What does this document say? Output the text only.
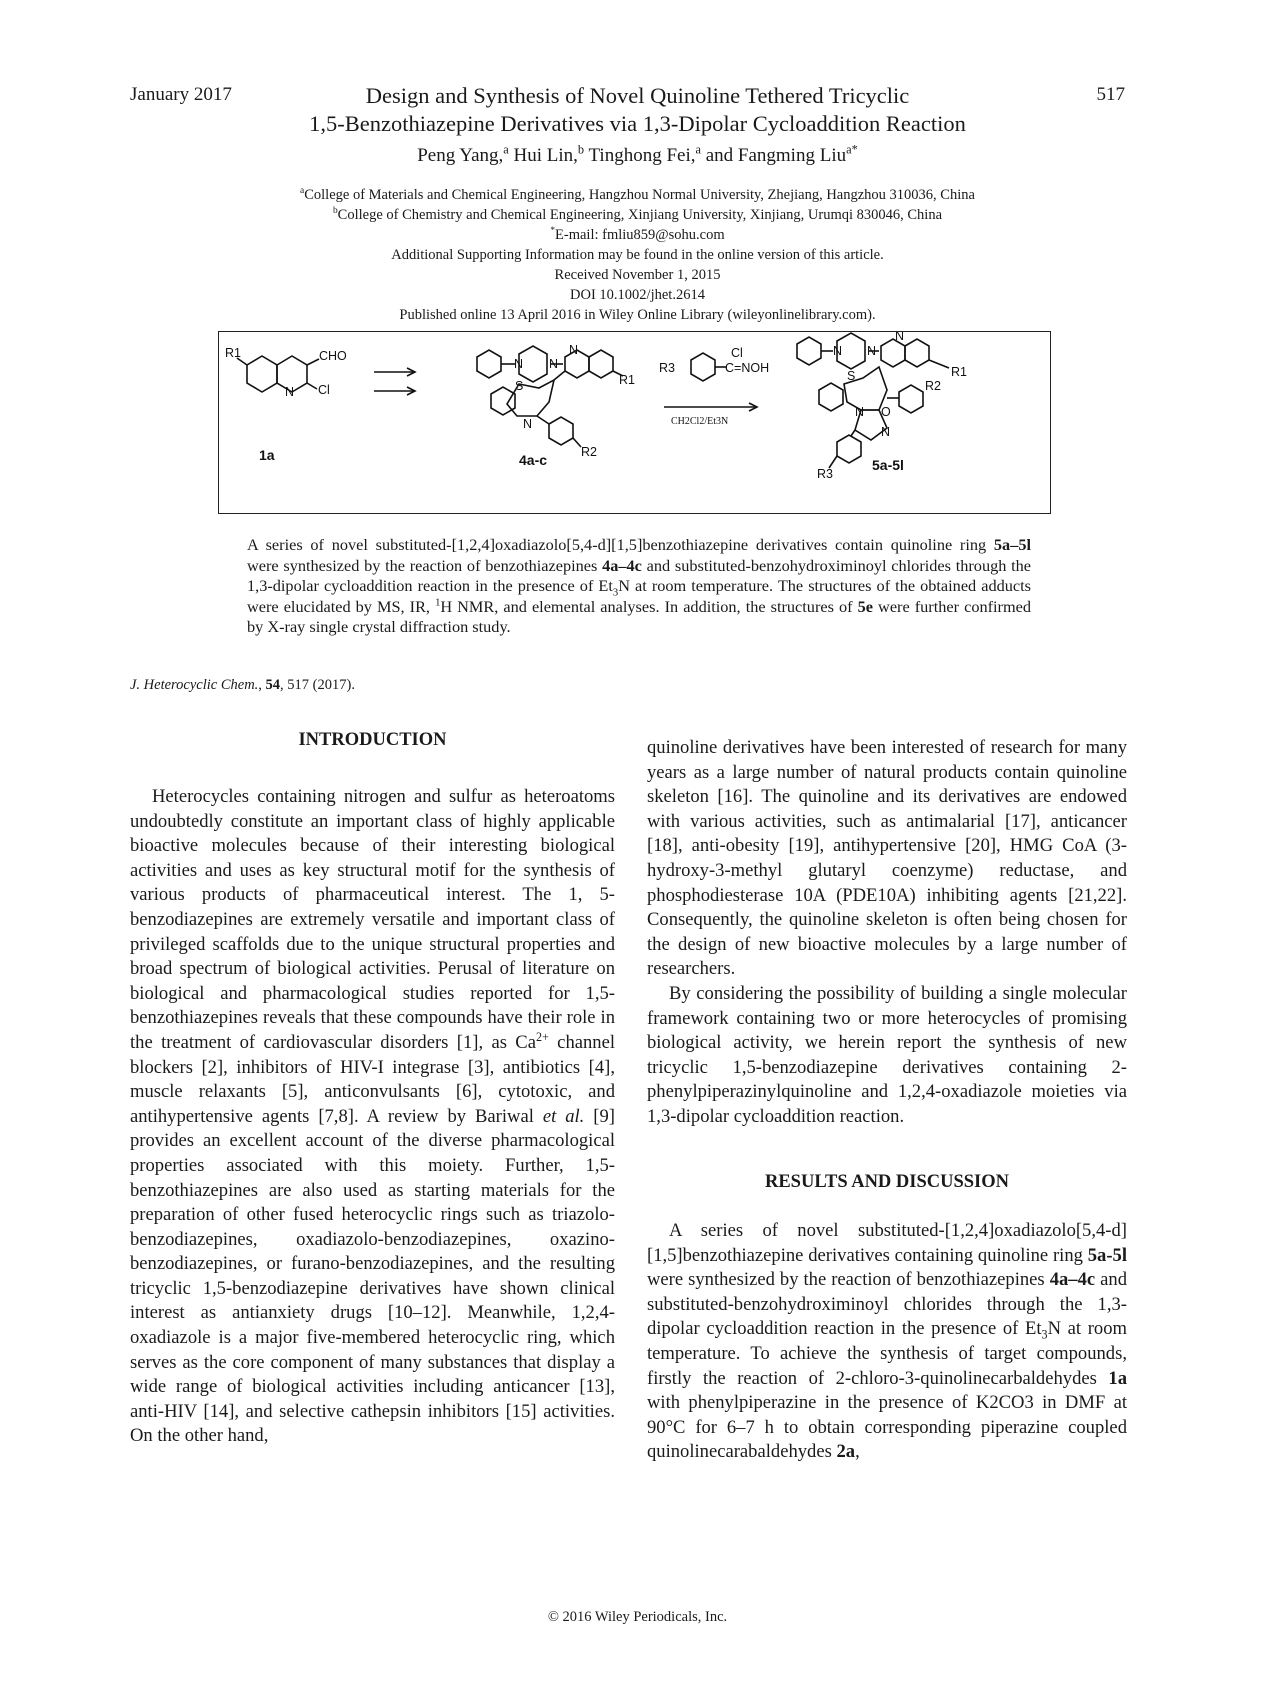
January 2017	517
Design and Synthesis of Novel Quinoline Tethered Tricyclic
1,5-Benzothiazepine Derivatives via 1,3-Dipolar Cycloaddition Reaction
Peng Yang,$^a$ Hui Lin,$^b$ Tinghong Fei,$^a$ and Fangming Liu$^{a*}$
$^a$College of Materials and Chemical Engineering, Hangzhou Normal University, Zhejiang, Hangzhou 310036, China
$^b$College of Chemistry and Chemical Engineering, Xinjiang University, Xinjiang, Urumqi 830046, China
*E-mail: fmliu859@sohu.com
Additional Supporting Information may be found in the online version of this article.
Received November 1, 2015
DOI 10.1002/jhet.2614
Published online 13 April 2016 in Wiley Online Library (wileyonlinelibrary.com).
R1	CHO
N Cl
N N
N
R1
S
N
R2
R3
Cl
C=NOH
N N
N
R1
S
R2
N O
N
R3
1a	4a-c	5a-5l
CH2Cl2/Et3N
A series of novel substituted-[1,2,4]oxadiazolo[5,4-d][1,5]benzothiazepine derivatives contain quinoline ring 5a–5l were synthesized by the reaction of benzothiazepines 4a–4c and substituted-benzohydroximinoyl chlorides through the 1,3-dipolar cycloaddition reaction in the presence of $Et_3N$ at room temperature. The structures of the obtained adducts were elucidated by MS, IR, $^1$H NMR, and elemental analyses. In addition, the structures of 5e were further confirmed by X-ray single crystal diffraction study.
J. Heterocyclic Chem., 54, 517 (2017).
INTRODUCTION

Heterocycles containing nitrogen and sulfur as heteroatoms undoubtedly constitute an important class of highly applicable bioactive molecules because of their interesting biological activities and uses as key structural motif for the synthesis of various products of pharmaceutical interest. The 1, 5-benzodiazepines are extremely versatile and important class of privileged scaffolds due to the unique structural properties and broad spectrum of biological activities. Perusal of literature on biological and pharmacological studies reported for 1,5-benzothiazepines reveals that these compounds have their role in the treatment of cardiovascular disorders [1], as $Ca^{2+}$ channel blockers [2], inhibitors of HIV-I integrase [3], antibiotics [4], muscle relaxants [5], anticonvulsants [6], cytotoxic, and antihypertensive agents [7,8]. A review by Bariwal et al. [9] provides an excellent account of the diverse pharmacological properties associated with this moiety. Further, 1,5-benzothiazepines are also used as starting materials for the preparation of other fused heterocyclic rings such as triazolo-benzodiazepines, oxadiazolo-benzodiazepines, oxazino-benzodiazepines, or furano-benzodiazepines, and the resulting tricyclic 1,5-benzodiazepine derivatives have shown clinical interest as antianxiety drugs [10–12]. Meanwhile, 1,2,4-oxadiazole is a major five-membered heterocyclic ring, which serves as the core component of many substances that display a wide range of biological activities including anticancer [13], anti-HIV [14], and selective cathepsin inhibitors [15] activities. On the other hand,

quinoline derivatives have been interested of research for many years as a large number of natural products contain quinoline skeleton [16]. The quinoline and its derivatives are endowed with various activities, such as antimalarial [17], anticancer [18], anti-obesity [19], antihypertensive [20], HMG CoA (3-hydroxy-3-methyl glutaryl coenzyme) reductase, and phosphodiesterase 10A (PDE10A) inhibiting agents [21,22]. Consequently, the quinoline skeleton is often being chosen for the design of new bioactive molecules by a large number of researchers.

By considering the possibility of building a single molecular framework containing two or more heterocycles of promising biological activity, we herein report the synthesis of new tricyclic 1,5-benzodiazepine derivatives containing 2-phenylpiperazinylquinoline and 1,2,4-oxadiazole moieties via 1,3-dipolar cycloaddition reaction.

RESULTS AND DISCUSSION

A series of novel substituted-[1,2,4]oxadiazolo[5,4-d][1,5]benzothiazepine derivatives containing quinoline ring 5a-5l were synthesized by the reaction of benzothiazepines 4a–4c and substituted-benzohydroximinoyl chlorides through the 1,3-dipolar cycloaddition reaction in the presence of $Et_3N$ at room temperature. To achieve the synthesis of target compounds, firstly the reaction of 2-chloro-3-quinolinecarbaldehydes 1a with phenylpiperazine in the presence of K2CO3 in DMF at 90°C for 6–7 h to obtain corresponding piperazine coupled quinolinecarabaldehydes 2a,

© 2016 Wiley Periodicals, Inc.
